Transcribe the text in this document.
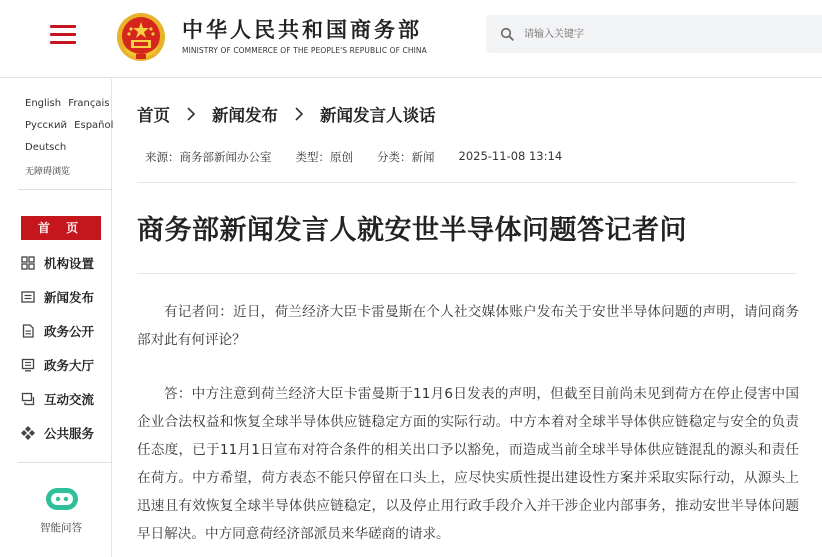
中华人民共和国商务部
MINISTRY OF COMMERCE OF THE PEOPLE'S REPUBLIC OF CHINA
请输入关键字
English Français
Русский Español
Deutsch
无障碍浏览
首 页
机构设置
新闻发布
政务公开
政务大厅
互动交流
公共服务
智能问答
首页	新闻发布	新闻发言人谈话
来源：商务部新闻办公室 类型：原创 分类：新闻 2025-11-08 13:14
商务部新闻发言人就安世半导体问题答记者问

有记者问：近日，荷兰经济大臣卡雷曼斯在个人社交媒体账户发布关于安世半导体问题的声明，请问商务部对此有何评论？

答：中方注意到荷兰经济大臣卡雷曼斯于11月6日发表的声明，但截至目前尚未见到荷方在停止侵害中国企业合法权益和恢复全球半导体供应链稳定方面的实际行动。中方本着对全球半导体供应链稳定与安全的负责任态度，已于11月1日宣布对符合条件的相关出口予以豁免，而造成当前全球半导体供应链混乱的源头和责任在荷方。中方希望，荷方表态不能只停留在口头上，应尽快实质性提出建设性方案并采取实际行动，从源头上迅速且有效恢复全球半导体供应链稳定，以及停止用行政手段介入并干涉企业内部事务，推动安世半导体问题早日解决。中方同意荷经济部派员来华磋商的请求。
